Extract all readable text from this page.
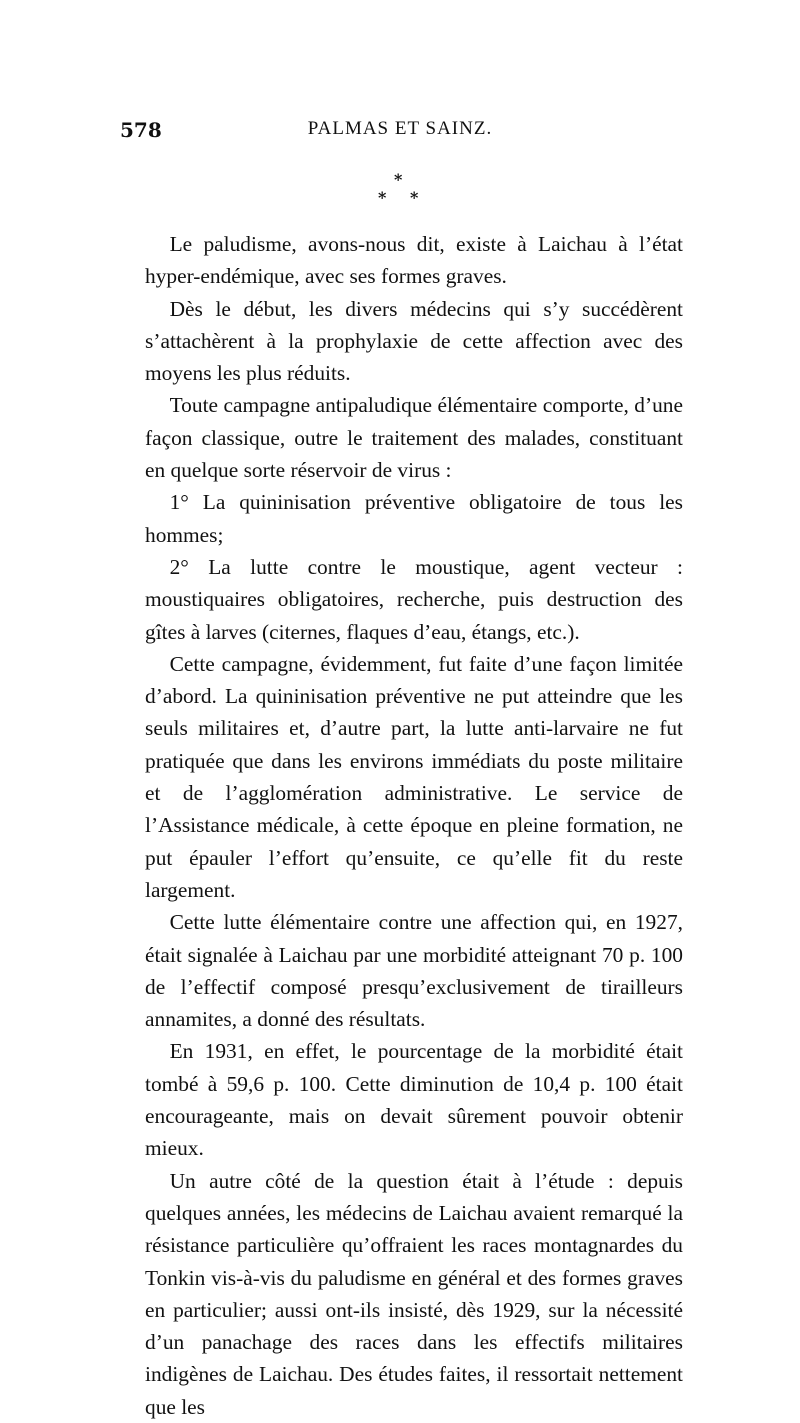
578	PALMAS ET SAINZ.
*
* *

Le paludisme, avons-nous dit, existe à Laichau à l’état hyper-endémique, avec ses formes graves.

Dès le début, les divers médecins qui s’y succédèrent s’attachèrent à la prophylaxie de cette affection avec des moyens les plus réduits.

Toute campagne antipaludique élémentaire comporte, d’une façon classique, outre le traitement des malades, constituant en quelque sorte réservoir de virus :

1° La quininisation préventive obligatoire de tous les hommes;

2° La lutte contre le moustique, agent vecteur : moustiquaires obligatoires, recherche, puis destruction des gîtes à larves (citernes, flaques d’eau, étangs, etc.).

Cette campagne, évidemment, fut faite d’une façon limitée d’abord. La quininisation préventive ne put atteindre que les seuls militaires et, d’autre part, la lutte anti-larvaire ne fut pratiquée que dans les environs immédiats du poste militaire et de l’agglomération administrative. Le service de l’Assistance médicale, à cette époque en pleine formation, ne put épauler l’effort qu’ensuite, ce qu’elle fit du reste largement.

Cette lutte élémentaire contre une affection qui, en 1927, était signalée à Laichau par une morbidité atteignant 70 p. 100 de l’effectif composé presqu’exclusivement de tirailleurs annamites, a donné des résultats.

En 1931, en effet, le pourcentage de la morbidité était tombé à 59,6 p. 100. Cette diminution de 10,4 p. 100 était encourageante, mais on devait sûrement pouvoir obtenir mieux.

Un autre côté de la question était à l’étude : depuis quelques années, les médecins de Laichau avaient remarqué la résistance particulière qu’offraient les races montagnardes du Tonkin vis-à-vis du paludisme en général et des formes graves en particulier; aussi ont-ils insisté, dès 1929, sur la nécessité d’un panachage des races dans les effectifs militaires indigènes de Laichau. Des études faites, il ressortait nettement que les
